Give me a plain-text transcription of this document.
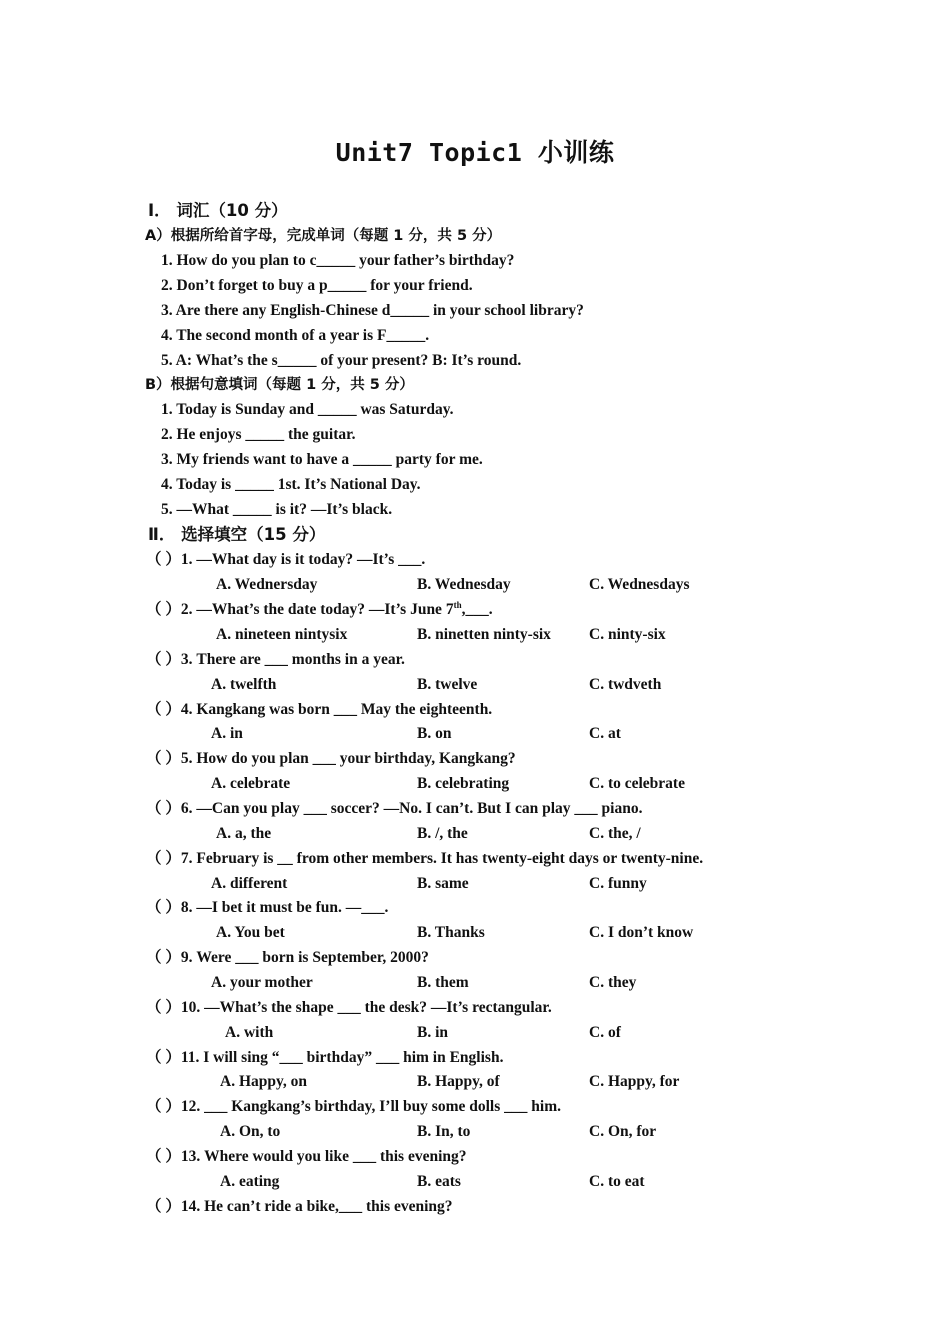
Unit7 Topic1 小训练
Ⅰ． 词汇（10 分）
A）根据所给首字母，完成单词（每题 1 分，共 5 分）
1. How do you plan to c_____ your father’s birthday?
2. Don’t forget to buy a p_____ for your friend.
3. Are there any English-Chinese d_____ in your school library?
4. The second month of a year is F_____.
5. A: What’s the s_____ of your present? B: It’s round.
B）根据句意填词（每题 1 分，共 5 分）
1. Today is Sunday and _____ was Saturday.
2. He enjoys _____ the guitar.
3. My friends want to have a _____ party for me.
4. Today is _____ 1st. It’s National Day.
5. —What _____ is it? —It’s black.
Ⅱ． 选择填空（15 分）
（ ）1. —What day is it today? —It’s ___.
A. Wednersday	B. Wednesday	C. Wednesdays
（ ）2. —What’s the date today? —It’s June 7th,___.
A. nineteen nintysix	B. ninetten ninty-six C. ninty-six
（ ）3. There are ___ months in a year.
A. twelfth	B. twelve	C. twdveth
（ ）4. Kangkang was born ___ May the eighteenth.
A. in	B. on	C. at
（ ）5. How do you plan ___ your birthday, Kangkang?
A. celebrate	B. celebrating	C. to celebrate
（ ）6. —Can you play ___ soccer? —No. I can’t. But I can play ___ piano.
A. a, the	B. /, the	C. the, /
（ ）7. February is __ from other members. It has twenty-eight days or twenty-nine.
A. different	B. same	C. funny
（ ）8. —I bet it must be fun. —___.
A. You bet	B. Thanks	C. I don’t know
（ ）9. Were ___ born is September, 2000?
A. your mother	B. them	C. they
（ ）10. —What’s the shape ___ the desk? —It’s rectangular.
A. with	B. in	C. of
（ ）11. I will sing “___ birthday” ___ him in English.
A. Happy, on	B. Happy, of	C. Happy, for
（ ）12. ___ Kangkang’s birthday, I’ll buy some dolls ___ him.
A. On, to	B. In, to	C. On, for
（ ）13. Where would you like ___ this evening?
A. eating	B. eats	C. to eat
（ ）14. He can’t ride a bike,___ this evening?
